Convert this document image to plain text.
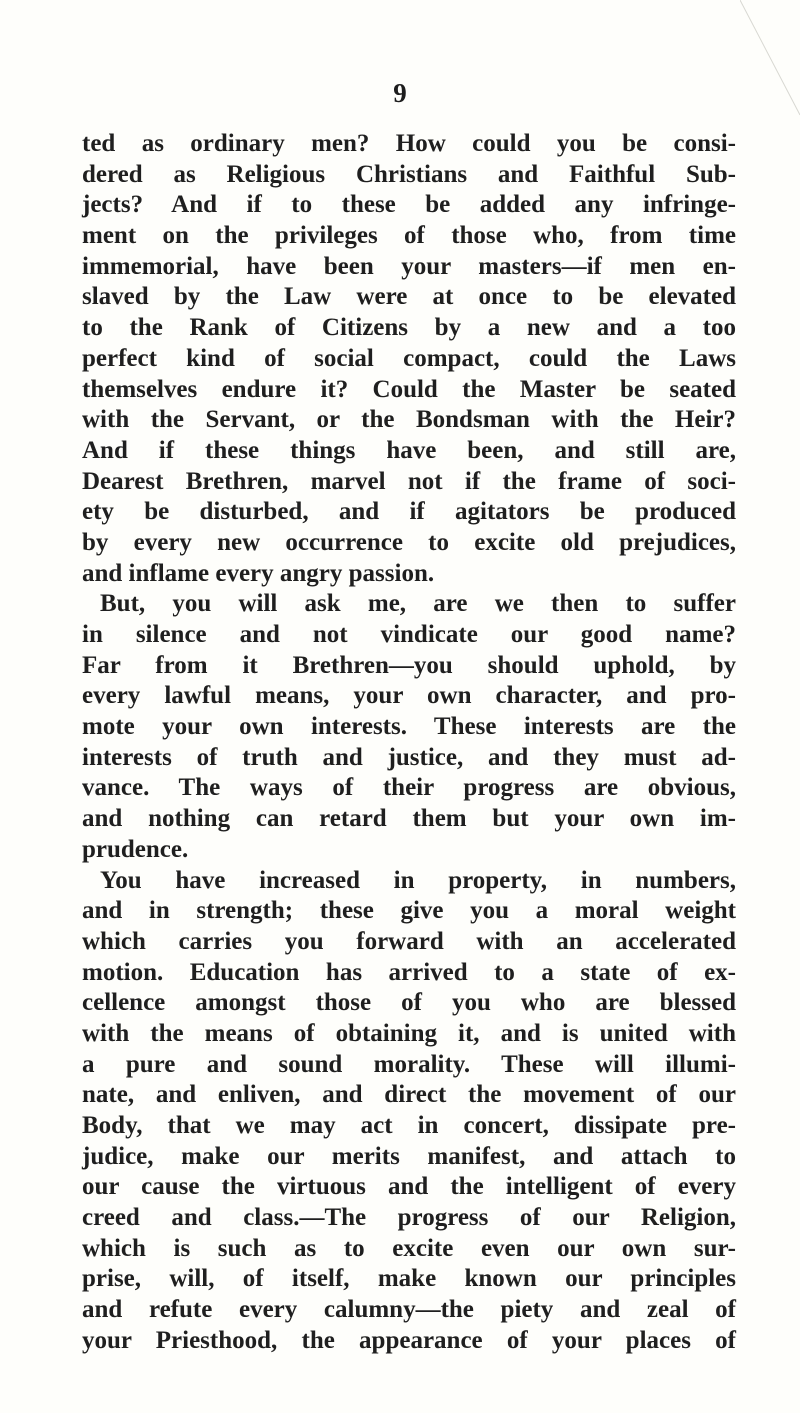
9
ted as ordinary men? How could you be consi-
dered as Religious Christians and Faithful Sub-
jects? And if to these be added any infringe-
ment on the privileges of those who, from time
immemorial, have been your masters—if men en-
slaved by the Law were at once to be elevated
to the Rank of Citizens by a new and a too
perfect kind of social compact, could the Laws
themselves endure it? Could the Master be seated
with the Servant, or the Bondsman with the Heir?
And if these things have been, and still are,
Dearest Brethren, marvel not if the frame of soci-
ety be disturbed, and if agitators be produced
by every new occurrence to excite old prejudices,
and inflame every angry passion.
But, you will ask me, are we then to suffer
in silence and not vindicate our good name?
Far from it Brethren—you should uphold, by
every lawful means, your own character, and pro-
mote your own interests. These interests are the
interests of truth and justice, and they must ad-
vance. The ways of their progress are obvious,
and nothing can retard them but your own im-
prudence.
You have increased in property, in numbers,
and in strength; these give you a moral weight
which carries you forward with an accelerated
motion. Education has arrived to a state of ex-
cellence amongst those of you who are blessed
with the means of obtaining it, and is united with
a pure and sound morality. These will illumi-
nate, and enliven, and direct the movement of our
Body, that we may act in concert, dissipate pre-
judice, make our merits manifest, and attach to
our cause the virtuous and the intelligent of every
creed and class.—The progress of our Religion,
which is such as to excite even our own sur-
prise, will, of itself, make known our principles
and refute every calumny—the piety and zeal of
your Priesthood, the appearance of your places of
